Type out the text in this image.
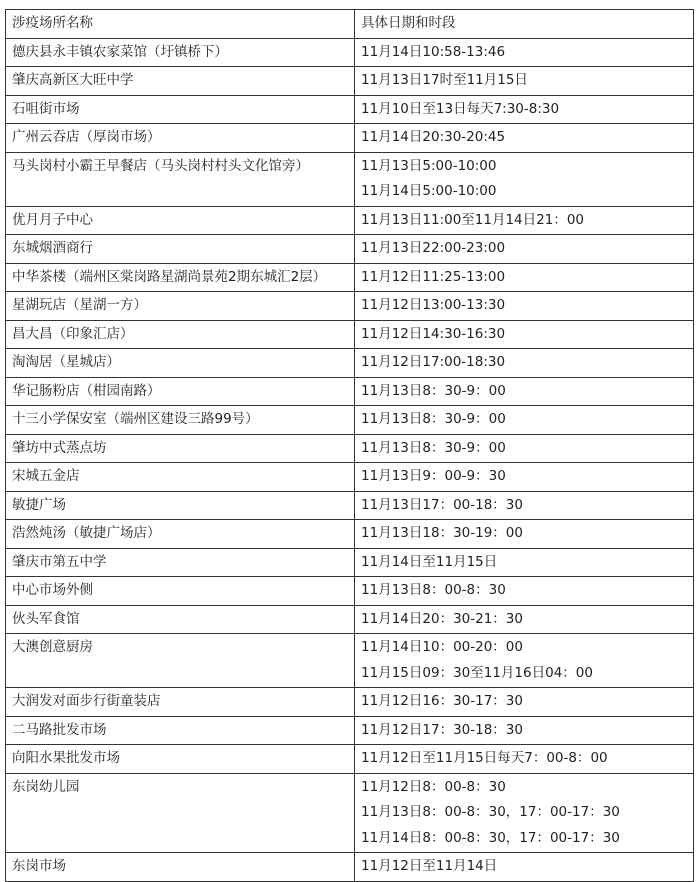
涉疫场所名称	具体日期和时段
德庆县永丰镇农家菜馆（圩镇桥下）	11月14日10:58-13:46

肇庆高新区大旺中学	11月13日17时至11月15日

石咀街市场	11月10日至13日每天7:30-8:30

广州云吞店（厚岗市场）	11月14日20:30-20:45

马头岗村小霸王早餐店（马头岗村村头文化馆旁）	11月13日5:00-10:00
11月14日5:00-10:00

优月月子中心	11月13日11:00至11月14日21：00

东城烟酒商行	11月13日22:00-23:00

中华茶楼（端州区棠岗路星湖尚景苑2期东城汇2层）	11月12日11:25-13:00

星湖玩店（星湖一方）	11月12日13:00-13:30

昌大昌（印象汇店）	11月12日14:30-16:30

淘淘居（星城店）	11月12日17:00-18:30

华记肠粉店（柑园南路）	11月13日8：30-9：00

十三小学保安室（端州区建设三路99号）	11月13日8：30-9：00

肇坊中式蒸点坊	11月13日8：30-9：00

宋城五金店	11月13日9：00-9：30

敏捷广场	11月13日17：00-18：30

浩然炖汤（敏捷广场店）	11月13日18：30-19：00

肇庆市第五中学	11月14日至11月15日

中心市场外侧	11月13日8：00-8：30

伙头军食馆	11月14日20：30-21：30

大澳创意厨房	11月14日10：00-20：00
11月15日09：30至11月16日04：00

大润发对面步行街童装店	11月12日16：30-17：30

二马路批发市场	11月12日17：30-18：30

向阳水果批发市场	11月12日至11月15日每天7：00-8：00

东岗幼儿园	11月12日8：00-8：30
11月13日8：00-8：30，17：00-17：30
11月14日8：00-8：30，17：00-17：30

东岗市场	11月12日至11月14日
